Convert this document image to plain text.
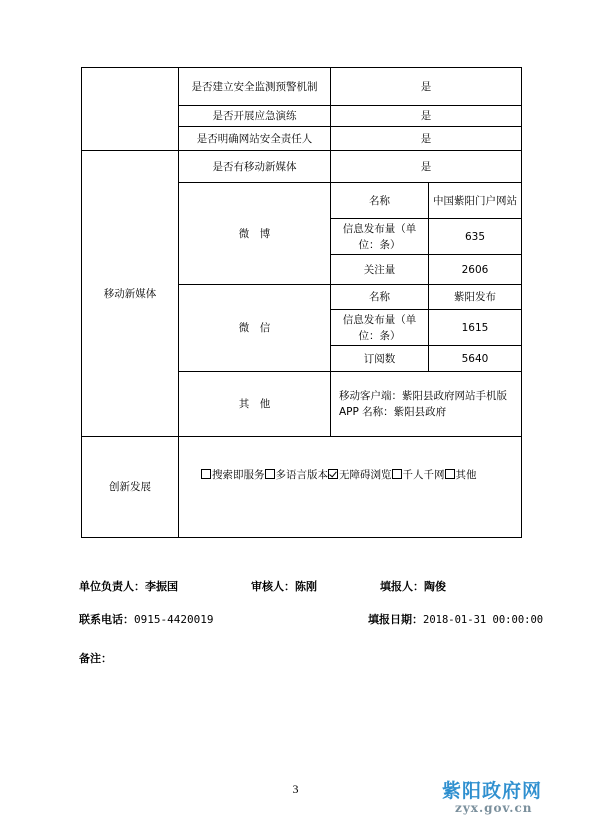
	是否建立安全监测预警机制	是	
	是否开展应急演练	是	
	是否明确网站安全责任人	是	
移动新媒体	是否有移动新媒体	是	
	微　博	名称	中国紫阳门户网站
		信息发布量（单位：条）	635
		关注量	2606
	微　信	名称	紫阳发布
		信息发布量（单位：条）	1615
		订阅数	5640
	其　他	移动客户端：紫阳县政府网站手机版 APP 名称：紫阳县政府	
创新发展	搜索即服务 多语言版本 无障碍浏览 千人千网 其他		
单位负责人：李振国	审核人：陈刚	填报人：陶俊
联系电话：0915-4420019	填报日期：2018-01-31 00:00:00
备注：
3	紫阳政府网
zyx.gov.cn
